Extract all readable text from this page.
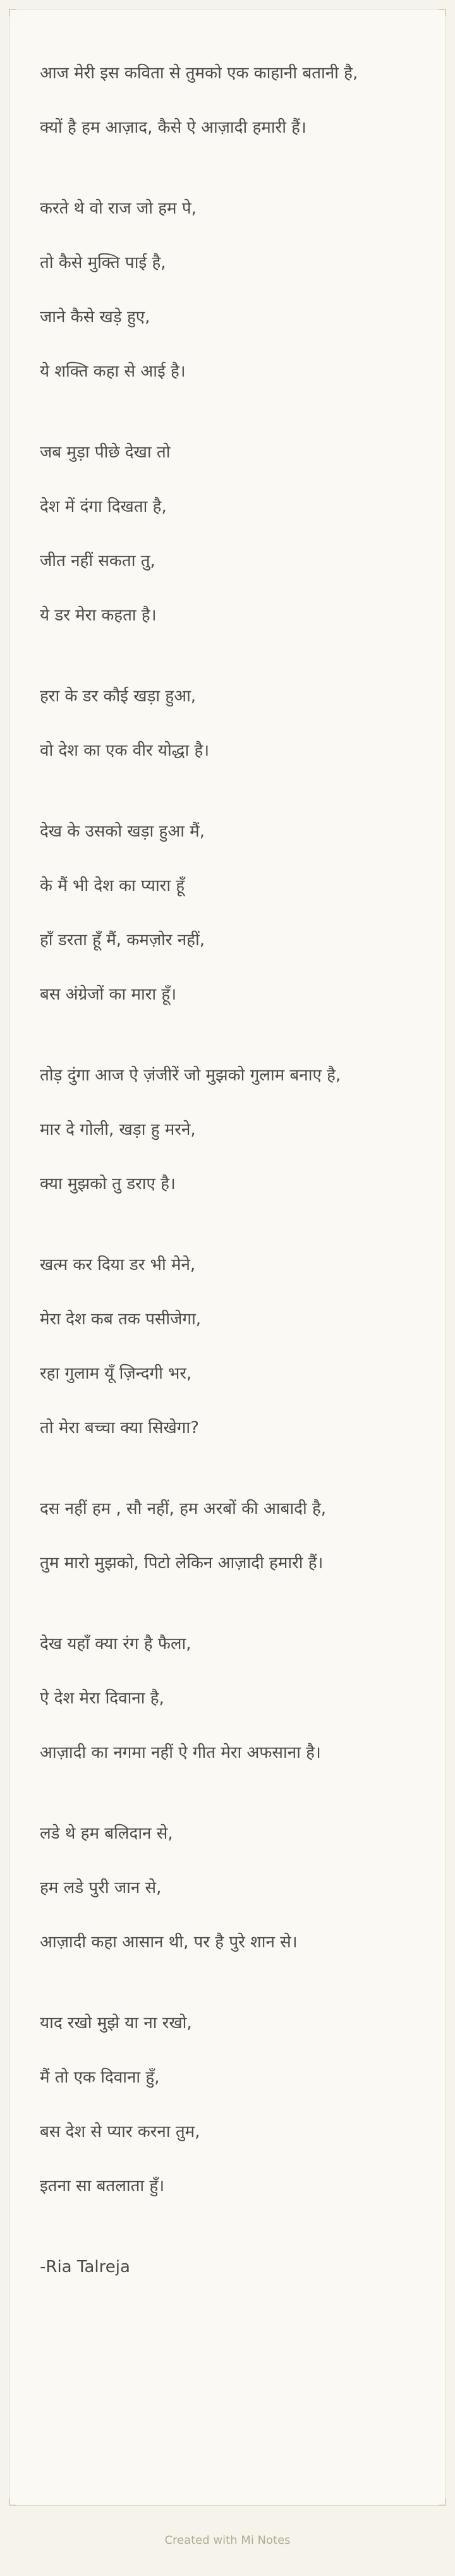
आज मेरी इस कविता से तुमको एक काहानी बतानी है,
क्यों है हम आज़ाद, कैसे ऐ आज़ादी हमारी हैं।
करते थे वो राज जो हम पे,
तो कैसे मुक्ति पाई है,
जाने कैसे खड़े हुए,
ये शक्ति कहा से आई है।
जब मुड़ा पीछे देखा तो
देश में दंगा दिखता है,
जीत नहीं सकता तु,
ये डर मेरा कहता है।
हरा के डर कौई खड़ा हुआ,
वो देश का एक वीर योद्धा है।
देख के उसको खड़ा हुआ मैं,
के मैं भी देश का प्यारा हूँ
हाँ डरता हूँ मैं, कमज़ोर नहीं,
बस अंग्रेजों का मारा हूँ।
तोड़ दुंगा आज ऐ ज़ंजीरें जो मुझको गुलाम बनाए है,
मार दे गोली, खड़ा हु मरने,
क्या मुझको तु डराए है।
खत्म कर दिया डर भी मेने,
मेरा देश कब तक पसीजेगा,
रहा गुलाम यूँ ज़िन्दगी भर,
तो मेरा बच्चा क्या सिखेगा?
दस नहीं हम , सौ नहीं, हम अरबों की आबादी है,
तुम मारो मुझको, पिटो लेकिन आज़ादी हमारी हैं।
देख यहाँ क्या रंग है फैला,
ऐ देश मेरा दिवाना है,
आज़ादी का नगमा नहीं ऐ गीत मेरा अफसाना है।
लडे थे हम बलिदान से,
हम लडे पुरी जान से,
आज़ादी कहा आसान थी, पर है पुरे शान से।
याद रखो मुझे या ना रखो,
मैं तो एक दिवाना हुँ,
बस देश से प्यार करना तुम,
इतना सा बतलाता हुँ।
-Ria Talreja
Created with Mi Notes
